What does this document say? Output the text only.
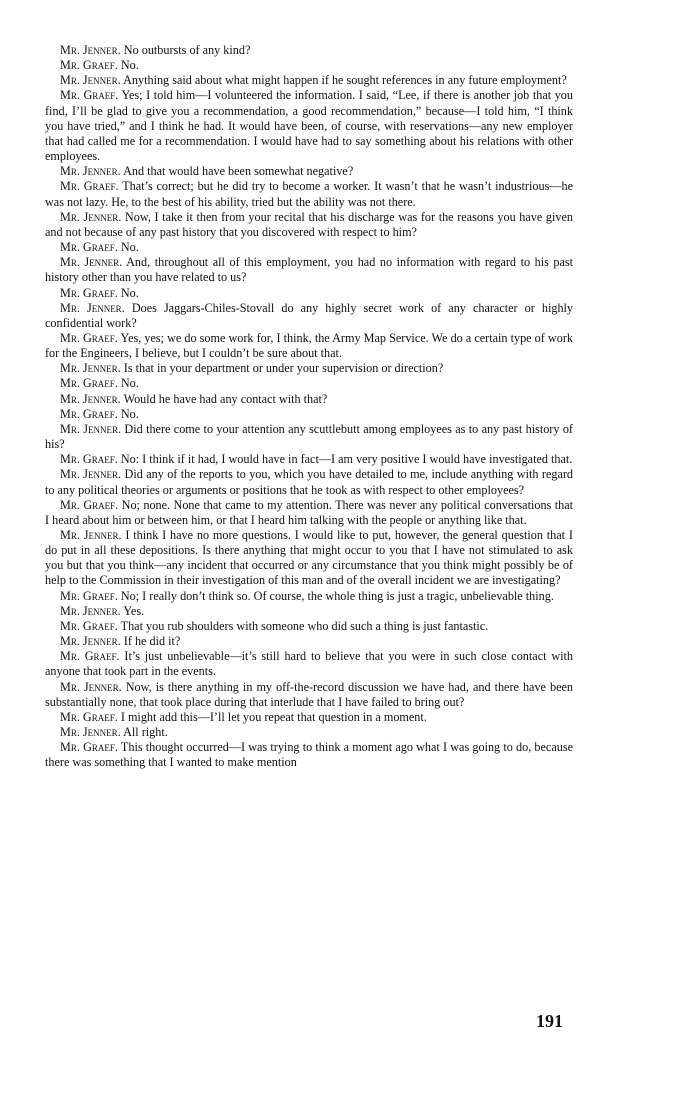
Mr. Jenner. No outbursts of any kind?

Mr. Graef. No.

Mr. Jenner. Anything said about what might happen if he sought references in any future employment?

Mr. Graef. Yes; I told him—I volunteered the information. I said, “Lee, if there is another job that you find, I’ll be glad to give you a recommendation, a good recommendation,” because—I told him, “I think you have tried,” and I think he had. It would have been, of course, with reservations—any new employer that had called me for a recommendation. I would have had to say something about his relations with other employees.

Mr. Jenner. And that would have been somewhat negative?

Mr. Graef. That’s correct; but he did try to become a worker. It wasn’t that he wasn’t industrious—he was not lazy. He, to the best of his ability, tried but the ability was not there.

Mr. Jenner. Now, I take it then from your recital that his discharge was for the reasons you have given and not because of any past history that you discovered with respect to him?

Mr. Graef. No.

Mr. Jenner. And, throughout all of this employment, you had no information with regard to his past history other than you have related to us?

Mr. Graef. No.

Mr. Jenner. Does Jaggars-Chiles-Stovall do any highly secret work of any character or highly confidential work?

Mr. Graef. Yes, yes; we do some work for, I think, the Army Map Service. We do a certain type of work for the Engineers, I believe, but I couldn’t be sure about that.

Mr. Jenner. Is that in your department or under your supervision or direction?

Mr. Graef. No.

Mr. Jenner. Would he have had any contact with that?

Mr. Graef. No.

Mr. Jenner. Did there come to your attention any scuttlebutt among employees as to any past history of his?

Mr. Graef. No: I think if it had, I would have in fact—I am very positive I would have investigated that.

Mr. Jenner. Did any of the reports to you, which you have detailed to me, include anything with regard to any political theories or arguments or positions that he took as with respect to other employees?

Mr. Graef. No; none. None that came to my attention. There was never any political conversations that I heard about him or between him, or that I heard him talking with the people or anything like that.

Mr. Jenner. I think I have no more questions. I would like to put, however, the general question that I do put in all these depositions. Is there anything that might occur to you that I have not stimulated to ask you but that you think—any incident that occurred or any circumstance that you think might possibly be of help to the Commission in their investigation of this man and of the overall incident we are investigating?

Mr. Graef. No; I really don’t think so. Of course, the whole thing is just a tragic, unbelievable thing.

Mr. Jenner. Yes.

Mr. Graef. That you rub shoulders with someone who did such a thing is just fantastic.

Mr. Jenner. If he did it?

Mr. Graef. It’s just unbelievable—it’s still hard to believe that you were in such close contact with anyone that took part in the events.

Mr. Jenner. Now, is there anything in my off-the-record discussion we have had, and there have been substantially none, that took place during that interlude that I have failed to bring out?

Mr. Graef. I might add this—I’ll let you repeat that question in a moment.

Mr. Jenner. All right.

Mr. Graef. This thought occurred—I was trying to think a moment ago what I was going to do, because there was something that I wanted to make mention

191
